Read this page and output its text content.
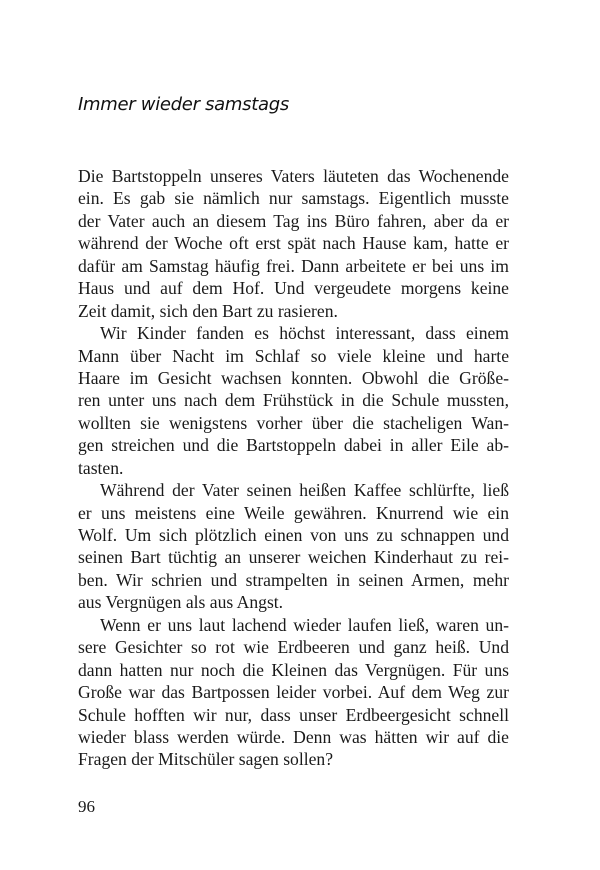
Immer wieder samstags
Die Bartstoppeln unseres Vaters läuteten das Wochenende
ein. Es gab sie nämlich nur samstags. Eigentlich musste
der Vater auch an diesem Tag ins Büro fahren, aber da er
während der Woche oft erst spät nach Hause kam, hatte er
dafür am Samstag häufig frei. Dann arbeitete er bei uns im
Haus und auf dem Hof. Und vergeudete morgens keine
Zeit damit, sich den Bart zu rasieren.
Wir Kinder fanden es höchst interessant, dass einem
Mann über Nacht im Schlaf so viele kleine und harte
Haare im Gesicht wachsen konnten. Obwohl die Größe-
ren unter uns nach dem Frühstück in die Schule mussten,
wollten sie wenigstens vorher über die stacheligen Wan-
gen streichen und die Bartstoppeln dabei in aller Eile ab-
tasten.
Während der Vater seinen heißen Kaffee schlürfte, ließ
er uns meistens eine Weile gewähren. Knurrend wie ein
Wolf. Um sich plötzlich einen von uns zu schnappen und
seinen Bart tüchtig an unserer weichen Kinderhaut zu rei-
ben. Wir schrien und strampelten in seinen Armen, mehr
aus Vergnügen als aus Angst.
Wenn er uns laut lachend wieder laufen ließ, waren un-
sere Gesichter so rot wie Erdbeeren und ganz heiß. Und
dann hatten nur noch die Kleinen das Vergnügen. Für uns
Große war das Bartpossen leider vorbei. Auf dem Weg zur
Schule hofften wir nur, dass unser Erdbeergesicht schnell
wieder blass werden würde. Denn was hätten wir auf die
Fragen der Mitschüler sagen sollen?
96
